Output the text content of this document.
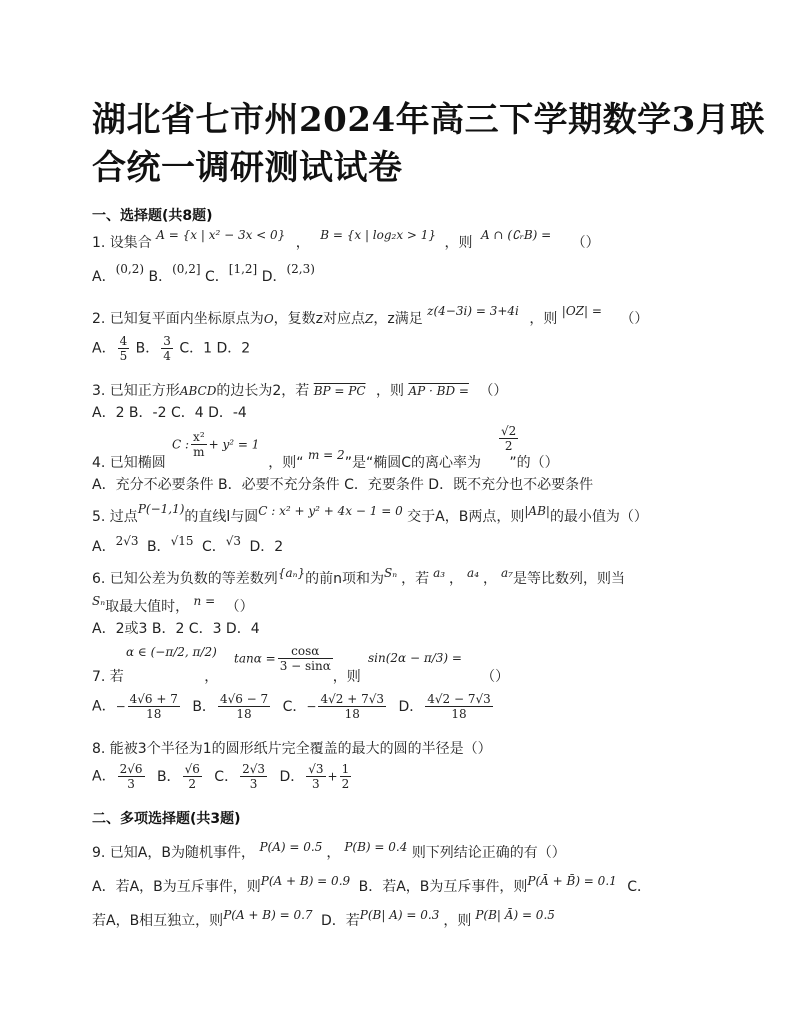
湖北省七市州2024年高三下学期数学3月联
合统一调研测试试卷
一、选择题(共8题)
1. 设集合 A = {x | x² − 3x < 0} ， B = {x | log₂x > 1} ，则 A ∩ (∁ᵣB) = （）
A．(0,2) B．(0,2] C．[1,2] D．(2,3)
2. 已知复平面内坐标原点为O，复数z对应点Z，z满足 z(4−3i) = 3+4i ，则 |OZ| = （）
A． $\frac{4}{5}$ B． $\frac{3}{4}$ C．1 D．2
3. 已知正方形ABCD的边长为2，若 BP = PC ，则 AP · BD = （）
A．2 B．-2 C．4 D．-4
C : $\frac{\text{x²}}{m} + y^2 = 1$	$\frac{√2}{2}$
4. 已知椭圆	，则“ m = 2”是“椭圆C的离心率为 ”的（）
A．充分不必要条件 B．必要不充分条件 C．充要条件 D．既不充分也不必要条件
5. 过点P(−1,1)的直线l与圆C : x² + y² + 4x − 1 = 0 交于A，B两点，则|AB|的最小值为（）
A．2√3 B．√15 C．√3 D．2
6. 已知公差为负数的等差数列{aₙ}的前n项和为Sₙ ，若 a₃ ， a₄ ， a₇是等比数列，则当
Sₙ取最大值时， n = （）
A．2或3 B．2 C．3 D．4
α ∈ (−π/2, π/2) $\tan\alpha = \frac{\cos\alpha}{3 - \sin\alpha}$	sin(2α − π/3) =
7. 若	，	，则	（）
A．− $\frac{4√6 + 7}{18}$ B． $\frac{4√6 - 7}{18}$ C．− $\frac{4√2 + 7√3}{18}$ D． $\frac{4√2 - 7√3}{18}$
8. 能被3个半径为1的圆形纸片完全覆盖的最大的圆的半径是（）
A． $\frac{2√6}{3}$ B． $\frac{√6}{2}$ C． $\frac{2√3}{3}$ D． $\frac{√3}{3} + \frac{1}{2}$
二、多项选择题(共3题)
9. 已知A，B为随机事件， P(A) = 0.5 ， P(B) = 0.4 则下列结论正确的有（）
A．若A，B为互斥事件，则P(A + B) = 0.9 B．若A，B为互斥事件，则P(Ā + B̄) = 0.1 C．
若A，B相互独立，则P(A + B) = 0.7 D．若P(B| A) = 0.3 ，则 P(B| Ā) = 0.5
